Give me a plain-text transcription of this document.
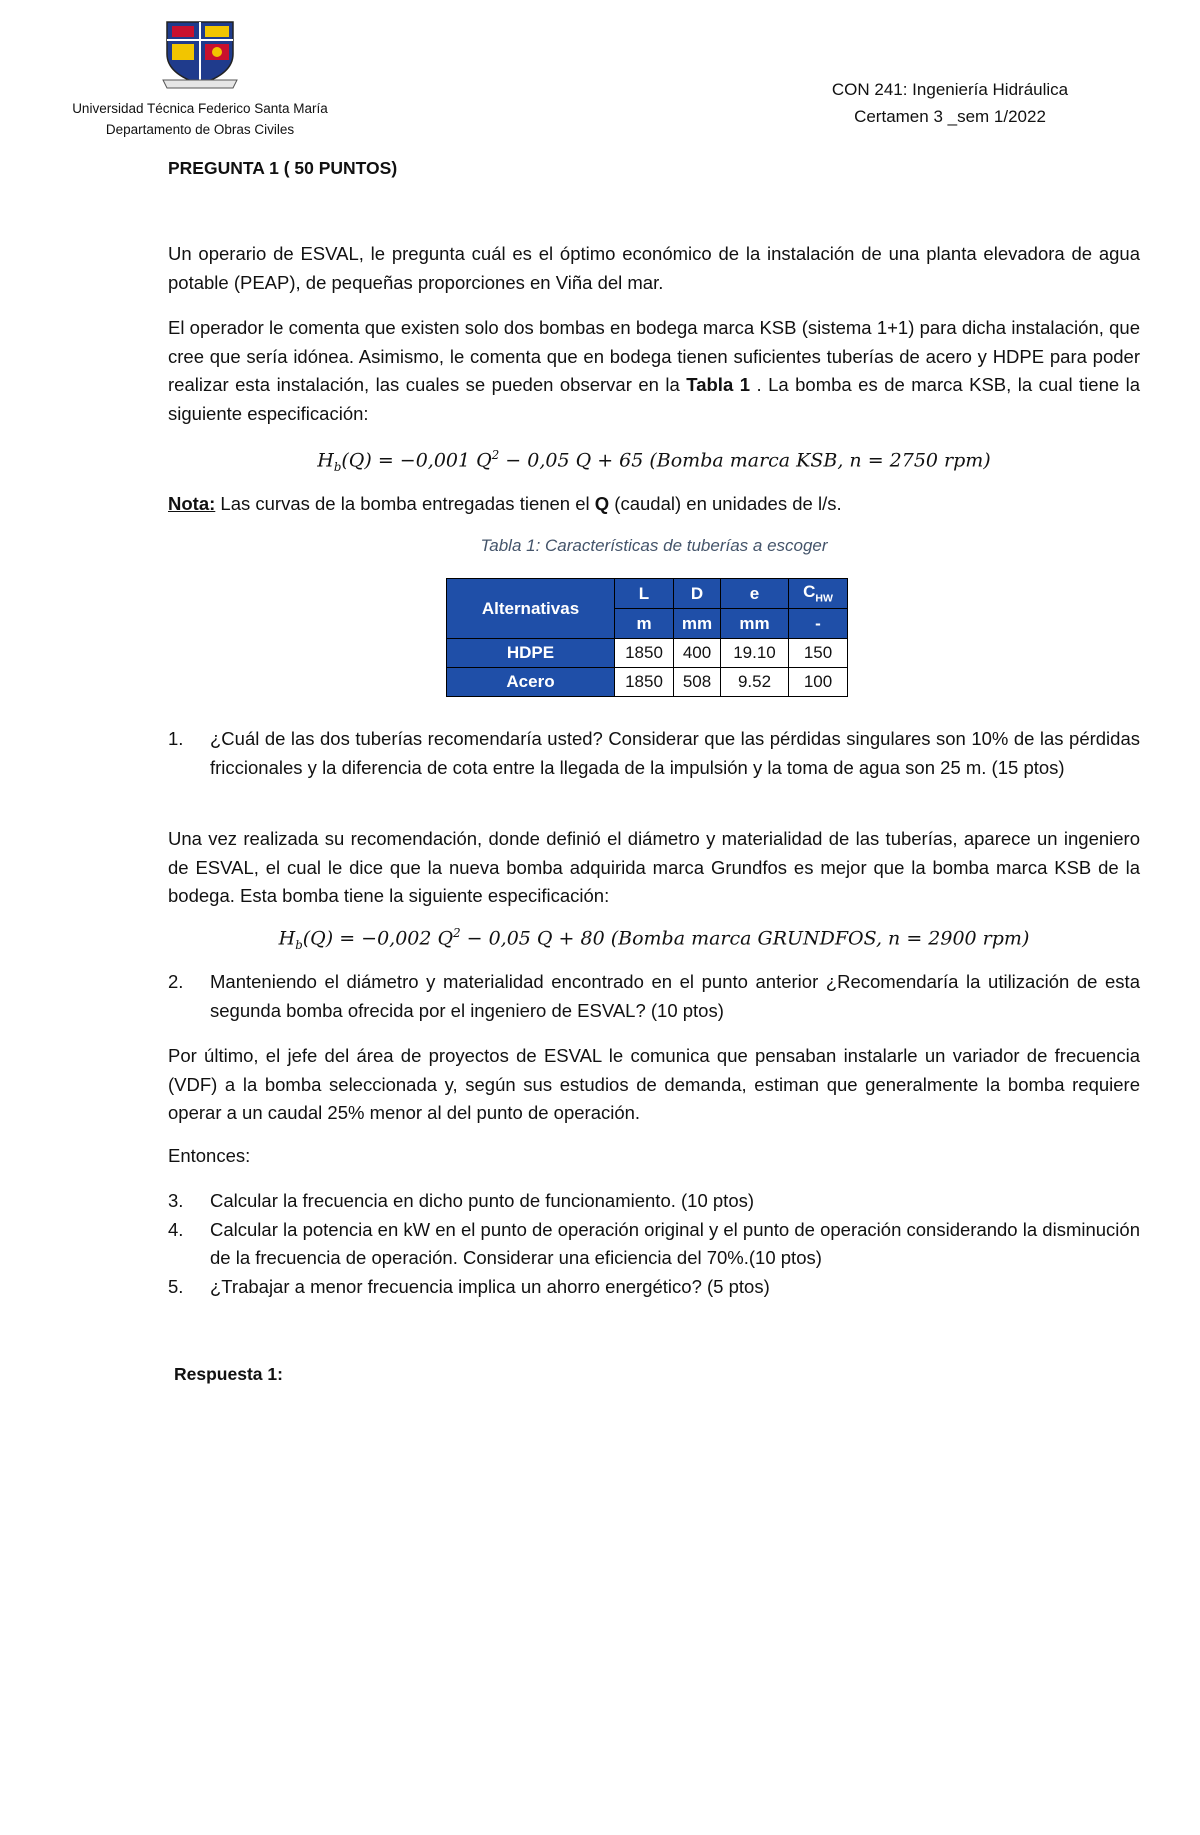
Universidad Técnica Federico Santa María
Departamento de Obras Civiles
CON 241: Ingeniería Hidráulica
Certamen 3 _sem 1/2022
PREGUNTA 1 ( 50 PUNTOS)

Un operario de ESVAL, le pregunta cuál es el óptimo económico de la instalación de una planta elevadora de agua potable (PEAP), de pequeñas proporciones en Viña del mar.

El operador le comenta que existen solo dos bombas en bodega marca KSB (sistema 1+1) para dicha instalación, que cree que sería idónea. Asimismo, le comenta que en bodega tienen suficientes tuberías de acero y HDPE para poder realizar esta instalación, las cuales se pueden observar en la Tabla 1 . La bomba es de marca KSB, la cual tiene la siguiente especificación:

$H_b(Q) = -0,001$ $Q^2 - 0,05$ Q + 65 (Bomba marca KSB, n = 2750 rpm)
Nota: Las curvas de la bomba entregadas tienen el Q (caudal) en unidades de l/s.
Tabla 1: Características de tuberías a escoger
Alternativas	L	D	e	$C_{HW}$
	m	mm	mm	-
HDPE	1850	400	19.10	150
Acero	1850	508	9.52	100
1. ¿Cuál de las dos tuberías recomendaría usted? Considerar que las pérdidas singulares son 10% de las pérdidas friccionales y la diferencia de cota entre la llegada de la impulsión y la toma de agua son 25 m. (15 ptos)

Una vez realizada su recomendación, donde definió el diámetro y materialidad de las tuberías, aparece un ingeniero de ESVAL, el cual le dice que la nueva bomba adquirida marca Grundfos es mejor que la bomba marca KSB de la bodega. Esta bomba tiene la siguiente especificación:

$H_b(Q) = -0,002$ $Q^2 - 0,05$ Q + 80 (Bomba marca GRUNDFOS, n = 2900 rpm)
2. Manteniendo el diámetro y materialidad encontrado en el punto anterior ¿Recomendaría la utilización de esta segunda bomba ofrecida por el ingeniero de ESVAL? (10 ptos)

Por último, el jefe del área de proyectos de ESVAL le comunica que pensaban instalarle un variador de frecuencia (VDF) a la bomba seleccionada y, según sus estudios de demanda, estiman que generalmente la bomba requiere operar a un caudal 25% menor al del punto de operación.

Entonces:

3. Calcular la frecuencia en dicho punto de funcionamiento. (10 ptos)
4. Calcular la potencia en kW en el punto de operación original y el punto de operación considerando la disminución de la frecuencia de operación. Considerar una eficiencia del 70%.(10 ptos)
5. ¿Trabajar a menor frecuencia implica un ahorro energético? (5 ptos)
Respuesta 1:
